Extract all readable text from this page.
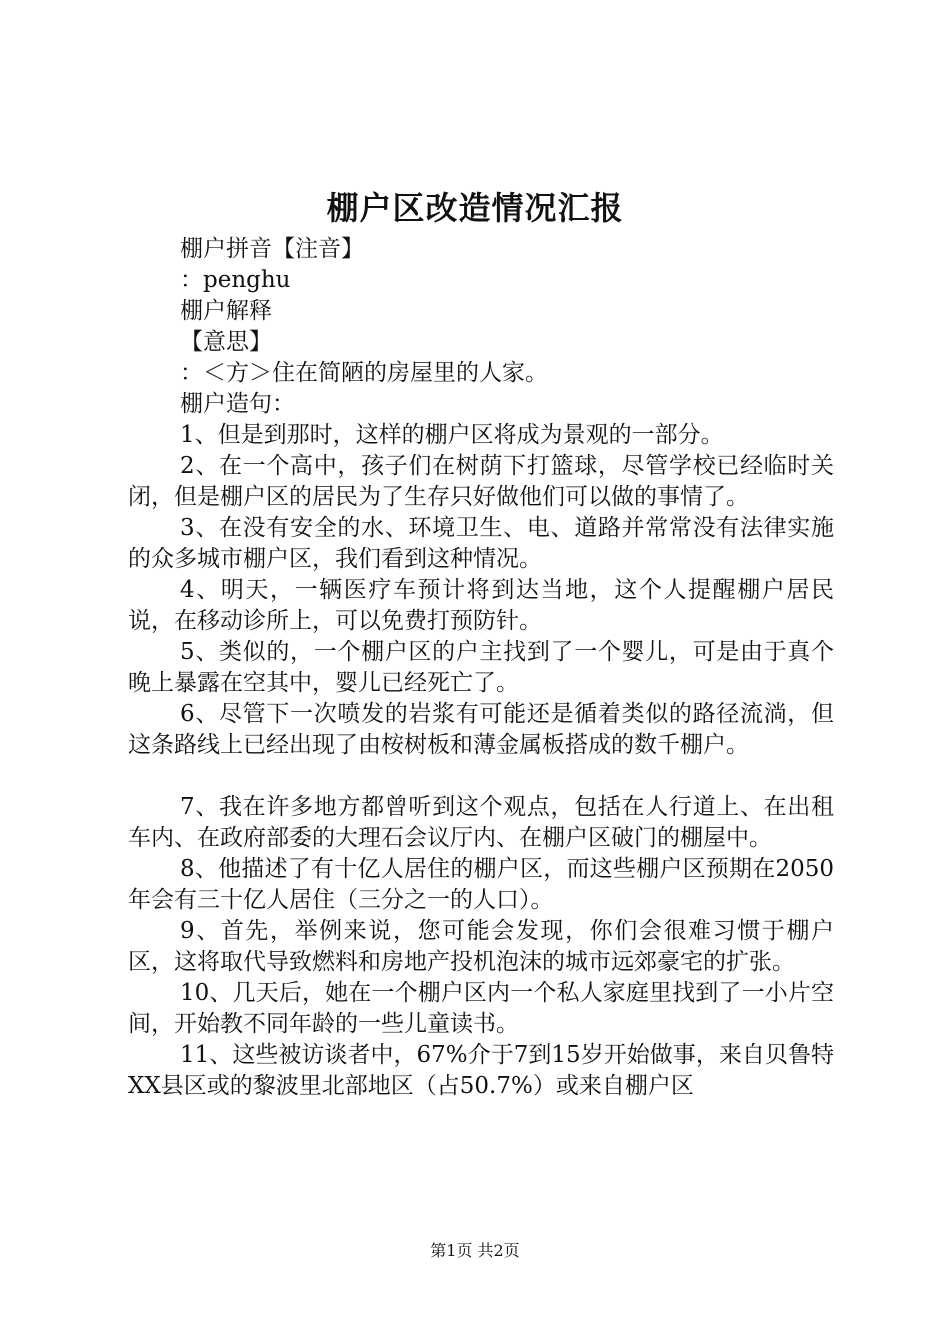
棚户区改造情况汇报

棚户拼音【注音】

：penghu

棚户解释

【意思】

：＜方＞住在简陋的房屋里的人家。

棚户造句：

1、但是到那时，这样的棚户区将成为景观的一部分。

2、在一个高中，孩子们在树荫下打篮球，尽管学校已经临时关闭，但是棚户区的居民为了生存只好做他们可以做的事情了。

3、在没有安全的水、环境卫生、电、道路并常常没有法律实施的众多城市棚户区，我们看到这种情况。

4、明天，一辆医疗车预计将到达当地，这个人提醒棚户居民说，在移动诊所上，可以免费打预防针。

5、类似的，一个棚户区的户主找到了一个婴儿，可是由于真个晚上暴露在空其中，婴儿已经死亡了。

6、尽管下一次喷发的岩浆有可能还是循着类似的路径流淌，但这条路线上已经出现了由桉树板和薄金属板搭成的数千棚户。

7、我在许多地方都曾听到这个观点，包括在人行道上、在出租车内、在政府部委的大理石会议厅内、在棚户区破门的棚屋中。

8、他描述了有十亿人居住的棚户区，而这些棚户区预期在2050年会有三十亿人居住（三分之一的人口）。

9、首先，举例来说，您可能会发现，你们会很难习惯于棚户区，这将取代导致燃料和房地产投机泡沫的城市远郊豪宅的扩张。

10、几天后，她在一个棚户区内一个私人家庭里找到了一小片空间，开始教不同年龄的一些儿童读书。

11、这些被访谈者中，67%介于7到15岁开始做事，来自贝鲁特XX县区或的黎波里北部地区（占50.7%）或来自棚户区

第1页 共2页
